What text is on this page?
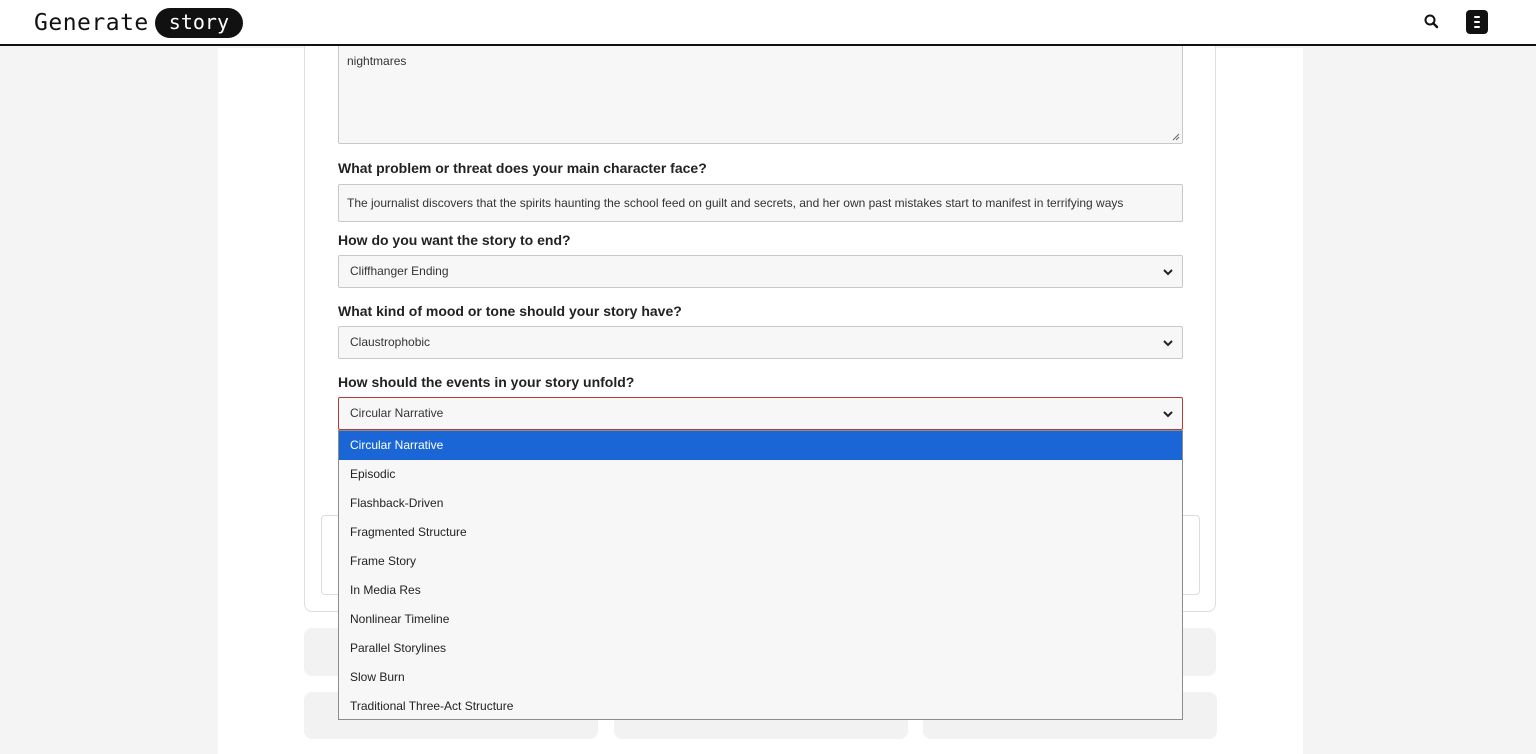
Generate	story
nightmares
What problem or threat does your main character face?
The journalist discovers that the spirits haunting the school feed on guilt and secrets, and her own past mistakes start to manifest in terrifying ways
How do you want the story to end?
Cliffhanger Ending
What kind of mood or tone should your story have?
Claustrophobic
How should the events in your story unfold?
Circular Narrative
Circular Narrative
Episodic
Flashback-Driven
Fragmented Structure
Frame Story
In Media Res
Nonlinear Timeline
Parallel Storylines
Slow Burn
Traditional Three-Act Structure
